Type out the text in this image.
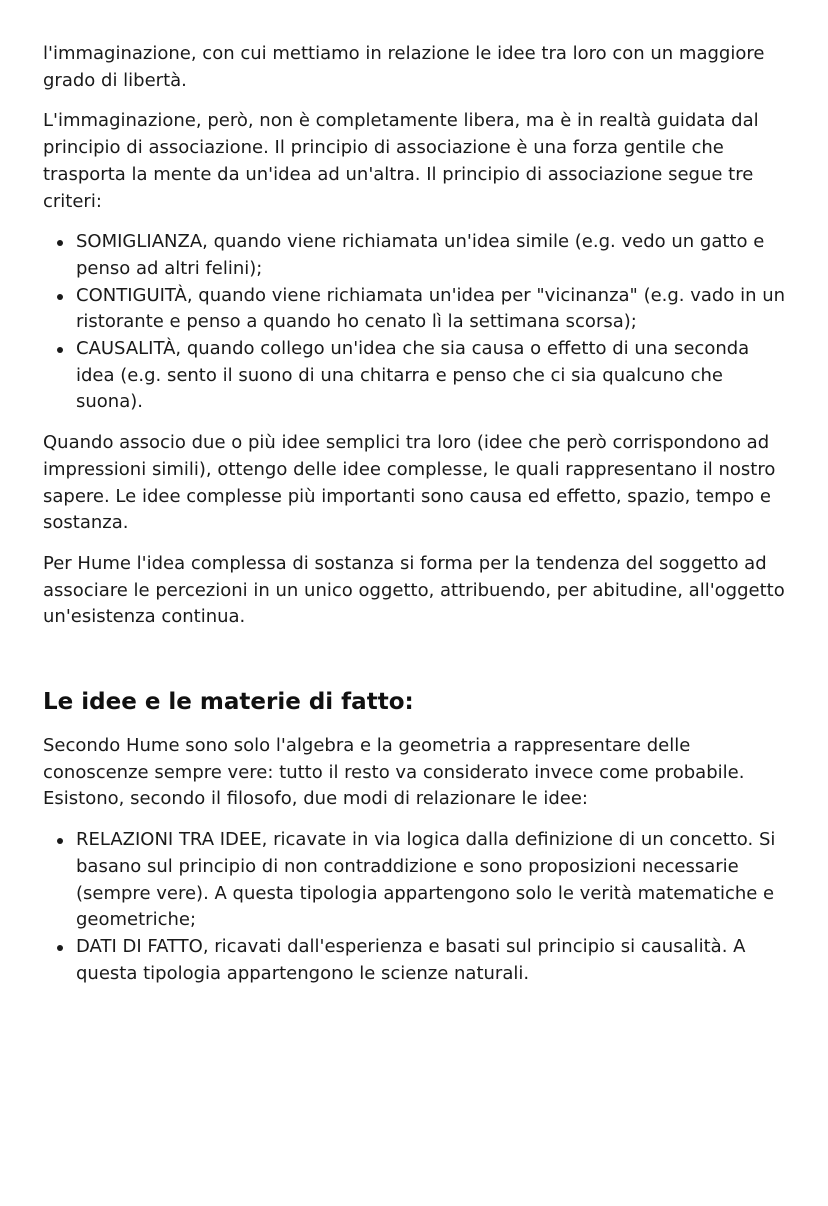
l'immaginazione, con cui mettiamo in relazione le idee tra loro con un maggiore grado di libertà.

L'immaginazione, però, non è completamente libera, ma è in realtà guidata dal principio di associazione. Il principio di associazione è una forza gentile che trasporta la mente da un'idea ad un'altra. Il principio di associazione segue tre criteri:

SOMIGLIANZA, quando viene richiamata un'idea simile (e.g. vedo un gatto e penso ad altri felini);
CONTIGUITÀ, quando viene richiamata un'idea per "vicinanza" (e.g. vado in un ristorante e penso a quando ho cenato lì la settimana scorsa);
CAUSALITÀ, quando collego un'idea che sia causa o effetto di una seconda idea (e.g. sento il suono di una chitarra e penso che ci sia qualcuno che suona).

Quando associo due o più idee semplici tra loro (idee che però corrispondono ad impressioni simili), ottengo delle idee complesse, le quali rappresentano il nostro sapere. Le idee complesse più importanti sono causa ed effetto, spazio, tempo e sostanza.

Per Hume l'idea complessa di sostanza si forma per la tendenza del soggetto ad associare le percezioni in un unico oggetto, attribuendo, per abitudine, all'oggetto un'esistenza continua.

Le idee e le materie di fatto:

Secondo Hume sono solo l'algebra e la geometria a rappresentare delle conoscenze sempre vere: tutto il resto va considerato invece come probabile. Esistono, secondo il filosofo, due modi di relazionare le idee:

RELAZIONI TRA IDEE, ricavate in via logica dalla definizione di un concetto. Si basano sul principio di non contraddizione e sono proposizioni necessarie (sempre vere). A questa tipologia appartengono solo le verità matematiche e geometriche;
DATI DI FATTO, ricavati dall'esperienza e basati sul principio si causalità. A questa tipologia appartengono le scienze naturali.
